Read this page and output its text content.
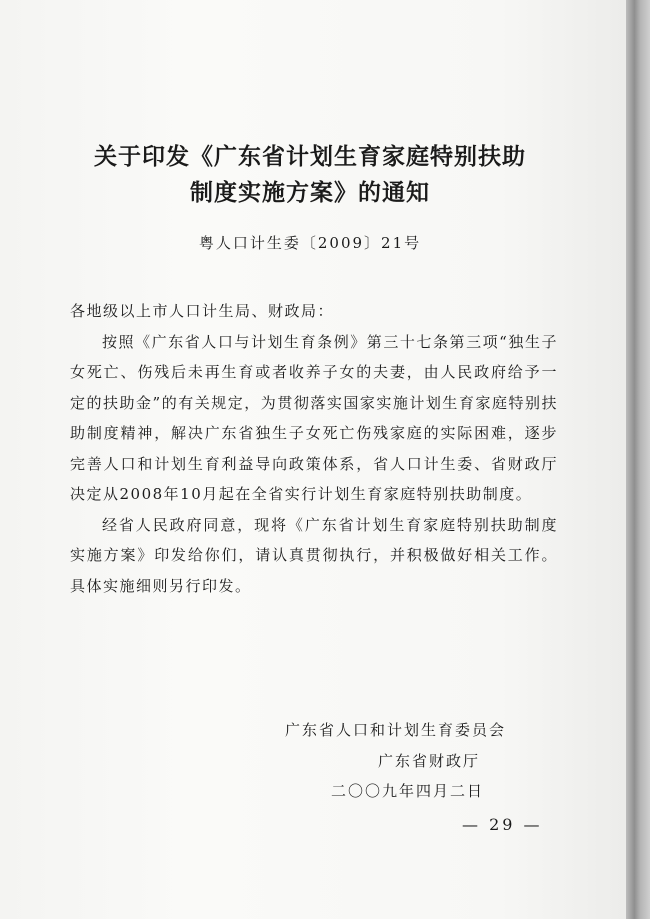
关于印发《广东省计划生育家庭特别扶助
制度实施方案》的通知
粤人口计生委〔2009〕21号

各地级以上市人口计生局、财政局：

按照《广东省人口与计划生育条例》第三十七条第三项“独生子女死亡、伤残后未再生育或者收养子女的夫妻，由人民政府给予一定的扶助金”的有关规定，为贯彻落实国家实施计划生育家庭特别扶助制度精神，解决广东省独生子女死亡伤残家庭的实际困难，逐步完善人口和计划生育利益导向政策体系，省人口计生委、省财政厅决定从2008年10月起在全省实行计划生育家庭特别扶助制度。

经省人民政府同意，现将《广东省计划生育家庭特别扶助制度实施方案》印发给你们，请认真贯彻执行，并积极做好相关工作。具体实施细则另行印发。

广东省人口和计划生育委员会
广东省财政厅
二〇〇九年四月二日
— 29 —
